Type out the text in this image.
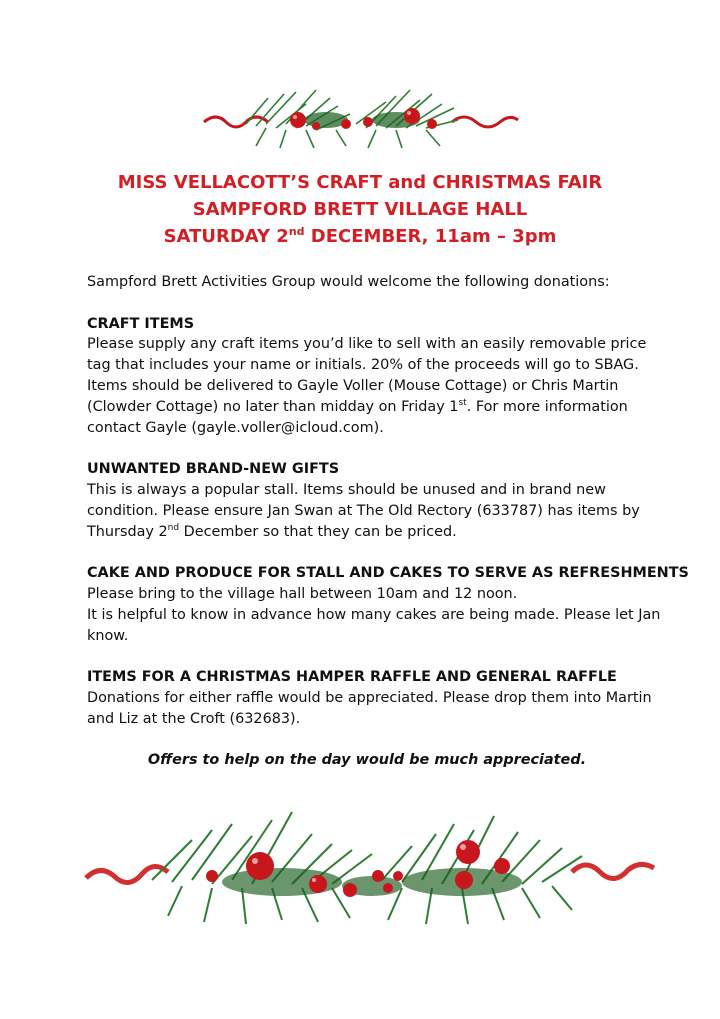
MISS VELLACOTT’S CRAFT and CHRISTMAS FAIR
SAMPFORD BRETT VILLAGE HALL
SATURDAY 2nd DECEMBER, 11am – 3pm

Sampford Brett Activities Group would welcome the following donations:

CRAFT ITEMS
Please supply any craft items you’d like to sell with an easily removable price
tag that includes your name or initials. 20% of the proceeds will go to SBAG.
Items should be delivered to Gayle Voller (Mouse Cottage) or Chris Martin
(Clowder Cottage) no later than midday on Friday 1st. For more information
contact Gayle (gayle.voller@icloud.com).

UNWANTED BRAND-NEW GIFTS
This is always a popular stall. Items should be unused and in brand new
condition. Please ensure Jan Swan at The Old Rectory (633787) has items by
Thursday 2nd December so that they can be priced.

CAKE AND PRODUCE FOR STALL AND CAKES TO SERVE AS REFRESHMENTS
Please bring to the village hall between 10am and 12 noon.
It is helpful to know in advance how many cakes are being made. Please let Jan
know.

ITEMS FOR A CHRISTMAS HAMPER RAFFLE AND GENERAL RAFFLE
Donations for either raffle would be appreciated. Please drop them into Martin
and Liz at the Croft (632683).

Offers to help on the day would be much appreciated.
